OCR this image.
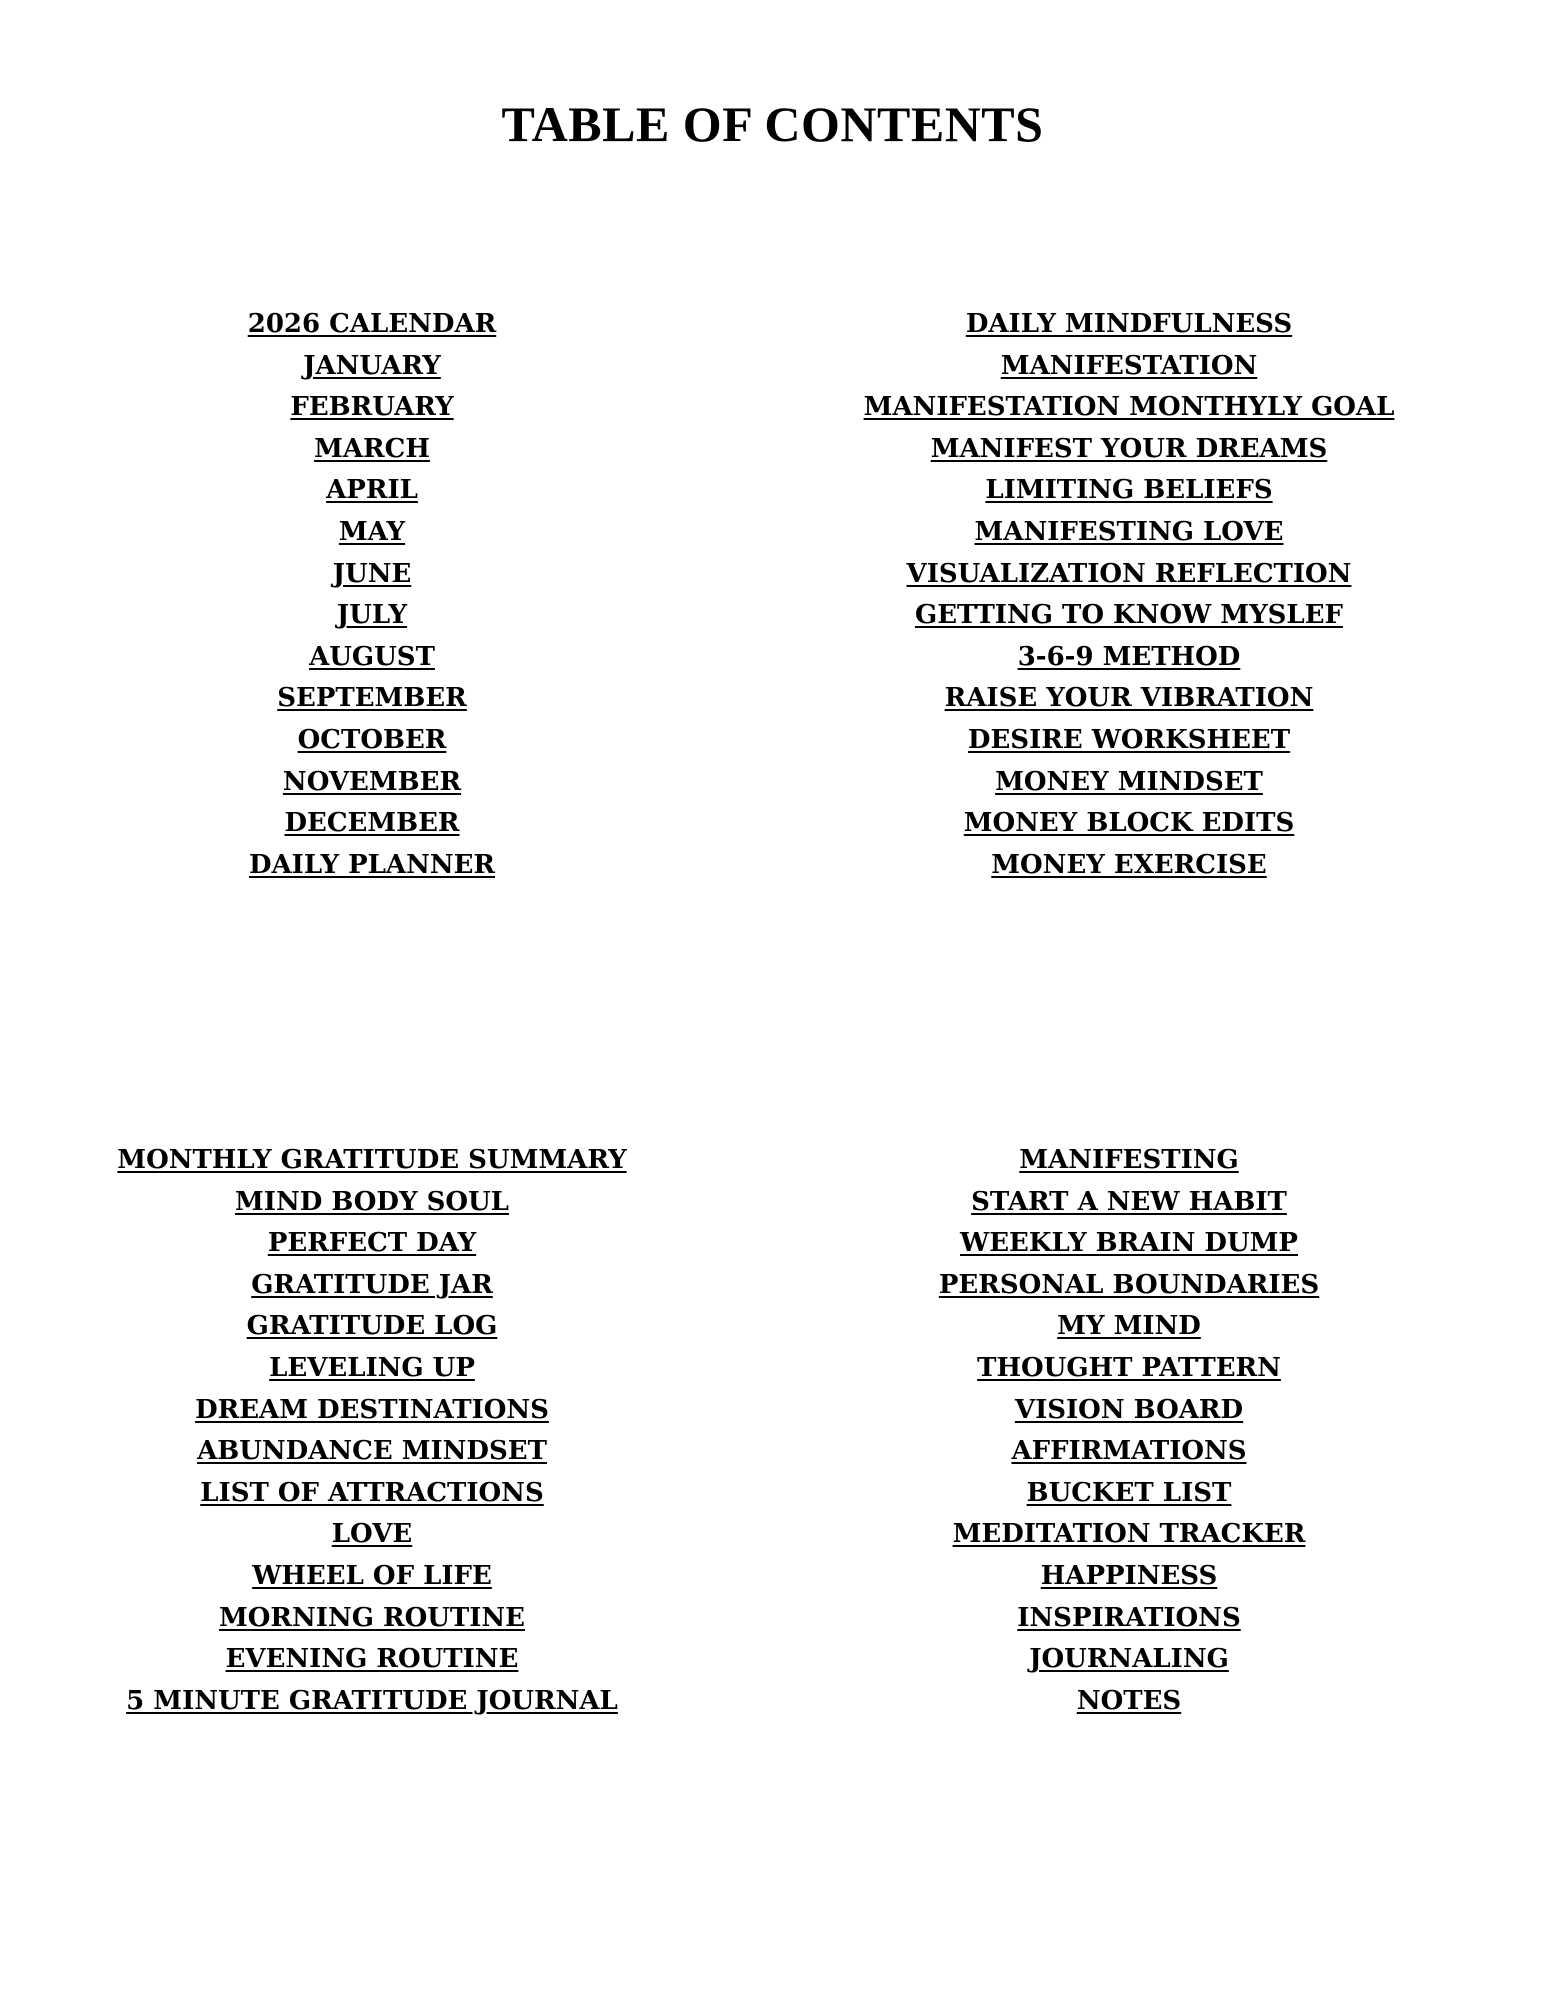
TABLE OF CONTENTS
2026 CALENDAR
JANUARY
FEBRUARY
MARCH
APRIL
MAY
JUNE
JULY
AUGUST
SEPTEMBER
OCTOBER
NOVEMBER
DECEMBER
DAILY PLANNER
DAILY MINDFULNESS
MANIFESTATION
MANIFESTATION MONTHYLY GOAL
MANIFEST YOUR DREAMS
LIMITING BELIEFS
MANIFESTING LOVE
VISUALIZATION REFLECTION
GETTING TO KNOW MYSLEF
3-6-9 METHOD
RAISE YOUR VIBRATION
DESIRE WORKSHEET
MONEY MINDSET
MONEY BLOCK EDITS
MONEY EXERCISE
MONTHLY GRATITUDE SUMMARY
MIND BODY SOUL
PERFECT DAY
GRATITUDE JAR
GRATITUDE LOG
LEVELING UP
DREAM DESTINATIONS
ABUNDANCE MINDSET
LIST OF ATTRACTIONS
LOVE
WHEEL OF LIFE
MORNING ROUTINE
EVENING ROUTINE
5 MINUTE GRATITUDE JOURNAL
MANIFESTING
START A NEW HABIT
WEEKLY BRAIN DUMP
PERSONAL BOUNDARIES
MY MIND
THOUGHT PATTERN
VISION BOARD
AFFIRMATIONS
BUCKET LIST
MEDITATION TRACKER
HAPPINESS
INSPIRATIONS
JOURNALING
NOTES
